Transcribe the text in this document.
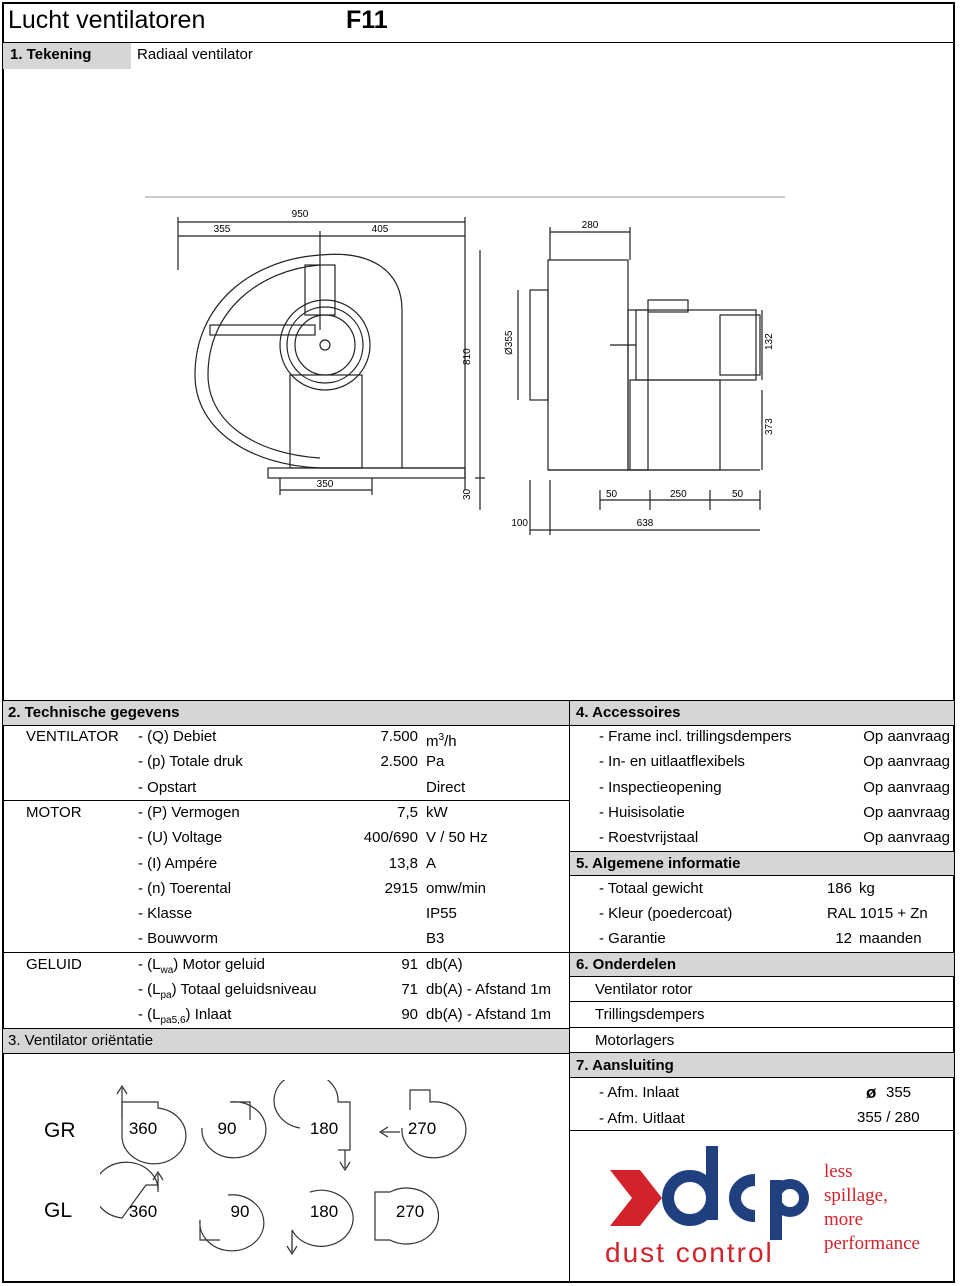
Lucht ventilatoren	F11
1. Tekening	Radiaal ventilator
950
355	405
810
350
30
280
Ø355	132
373
50	250	50
100	638
2. Technische gegevens
VENTILATOR - (Q) Debiet	7.500 $m^3/h$
- (p) Totale druk	2.500 Pa
- Opstart	Direct
MOTOR	- (P) Vermogen	7,5 kW
- (U) Voltage	400/690 V / 50 Hz
- (I) Ampére	13,8 A
- (n) Toerental	2915 omw/min
- Klasse	IP55
- Bouwvorm	B3
GELUID	- $(L_{wa})$ Motor geluid	91 db(A)
- $(L_{pa})$ Totaal geluidsniveau	71 db(A) - Afstand 1m
- $(L_{pa5,6})$ Inlaat	90 db(A) - Afstand 1m
3. Ventilator oriëntatie
GR
GL
360	90	180	270
360	90	180	270
4. Accessoires
- Frame incl. trillingsdempers	Op aanvraag
- In- en uitlaatflexibels	Op aanvraag
- Inspectieopening	Op aanvraag
- Huisisolatie	Op aanvraag
- Roestvrijstaal	Op aanvraag
5. Algemene informatie
- Totaal gewicht	186 kg
- Kleur (poedercoat)	RAL 1015 + Zn
- Garantie	12 maanden
6. Onderdelen
Ventilator rotor
Trillingsdempers
Motorlagers
7. Aansluiting
- Afm. Inlaat	ø 355
- Afm. Uitlaat	355 / 280
dust control
less
spillage,
more
performance
